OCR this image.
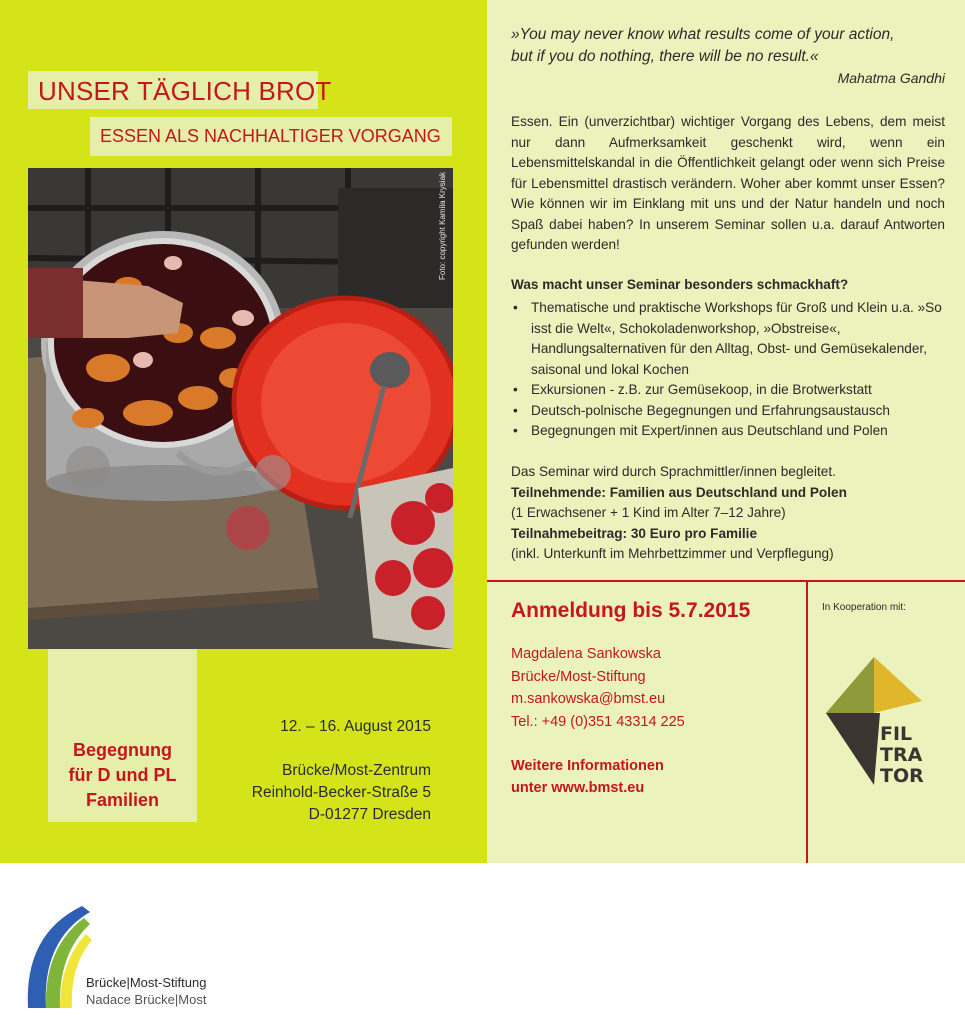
UNSER TÄGLICH BROT
ESSEN ALS NACHHALTIGER VORGANG
Foto: copyright Kamila Krysiak
Begegnung
für D und PL
Familien
12. – 16. August 2015
Brücke/Most-Zentrum
Reinhold-Becker-Straße 5
D-01277 Dresden
»You may never know what results come of your action,
but if you do nothing, there will be no result.«
Mahatma Gandhi
Essen. Ein (unverzichtbar) wichtiger Vorgang des Lebens, dem meist nur dann Aufmerksamkeit geschenkt wird, wenn ein Lebensmittelskandal in die Öffentlichkeit gelangt oder wenn sich Preise für Lebensmittel drastisch verändern. Woher aber kommt unser Essen? Wie können wir im Einklang mit uns und der Natur handeln und noch Spaß dabei haben? In unserem Seminar sollen u.a. darauf Antworten gefunden werden!
Was macht unser Seminar besonders schmackhaft?
• Thematische und praktische Workshops für Groß und Klein u.a. »So isst die Welt«, Schokoladenworkshop, »Obstreise«, Handlungsalternativen für den Alltag, Obst- und Gemüsekalender, saisonal und lokal Kochen
• Exkursionen - z.B. zur Gemüsekoop, in die Brotwerkstatt
• Deutsch-polnische Begegnungen und Erfahrungsaustausch
• Begegnungen mit Expert/innen aus Deutschland und Polen
Das Seminar wird durch Sprachmittler/innen begleitet.
Teilnehmende: Familien aus Deutschland und Polen
(1 Erwachsener + 1 Kind im Alter 7–12 Jahre)
Teilnahmebeitrag: 30 Euro pro Familie
(inkl. Unterkunft im Mehrbettzimmer und Verpflegung)
Anmeldung bis 5.7.2015
Magdalena Sankowska
Brücke/Most-Stiftung
m.sankowska@bmst.eu
Tel.: +49 (0)351 43314 225
Weitere Informationen
unter www.bmst.eu
In Kooperation mit:
FIL
TRA
TOR
Brücke|Most-Stiftung
Nadace Brücke|Most
